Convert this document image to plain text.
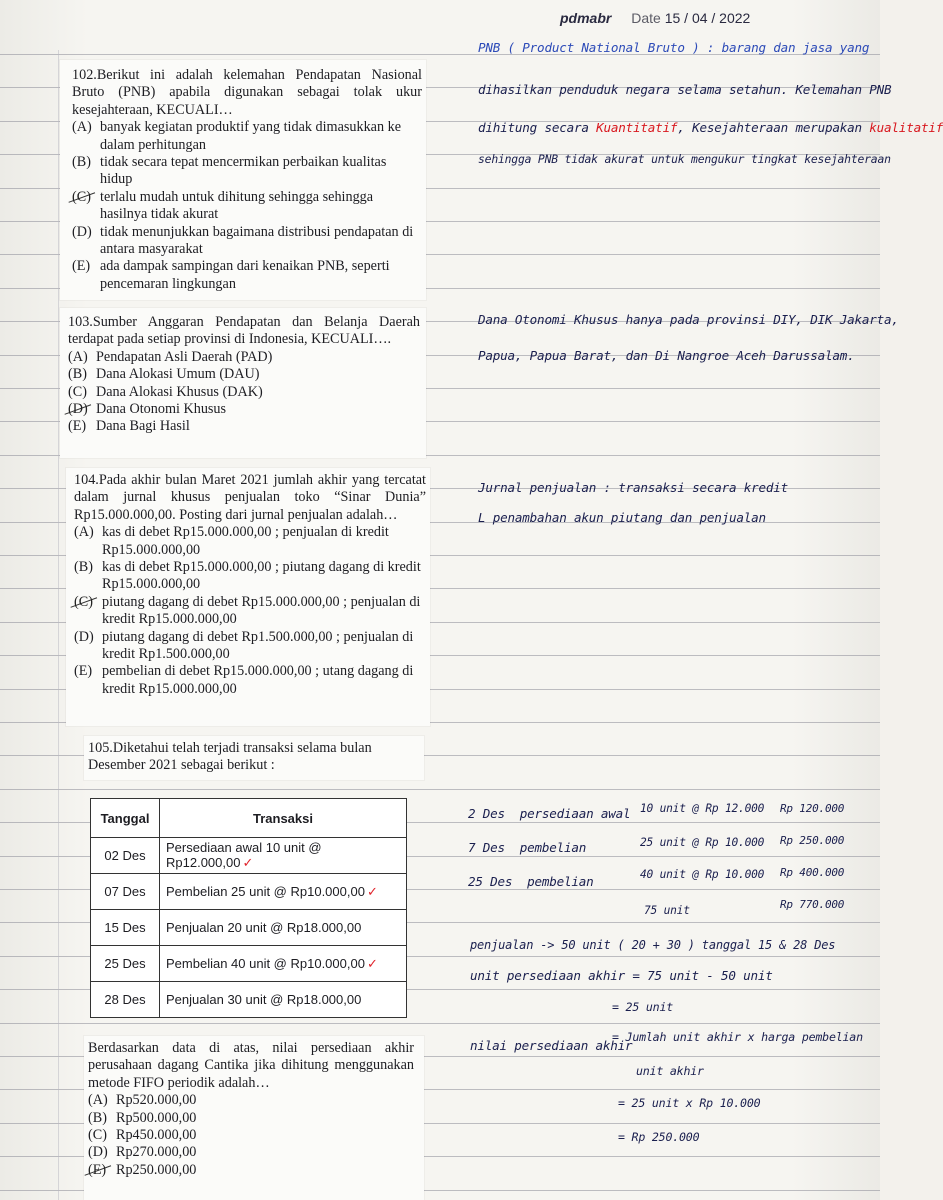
pdmabr Date 15 / 04 / 2022

102.Berikut ini adalah kelemahan Pendapatan Nasional Bruto (PNB) apabila digunakan sebagai tolak ukur kesejahteraan, KECUALI…

(A) banyak kegiatan produktif yang tidak dimasukkan ke dalam perhitungan
(B) tidak secara tepat mencermikan perbaikan kualitas hidup
(C) terlalu mudah untuk dihitung sehingga sehingga hasilnya tidak akurat
(D) tidak menunjukkan bagaimana distribusi pendapatan di antara masyarakat
(E) ada dampak sampingan dari kenaikan PNB, seperti pencemaran lingkungan

103.Sumber Anggaran Pendapatan dan Belanja Daerah terdapat pada setiap provinsi di Indonesia, KECUALI….

(A) Pendapatan Asli Daerah (PAD)
(B) Dana Alokasi Umum (DAU)
(C) Dana Alokasi Khusus (DAK)
(D) Dana Otonomi Khusus
(E) Dana Bagi Hasil

104.Pada akhir bulan Maret 2021 jumlah akhir yang tercatat dalam jurnal khusus penjualan toko “Sinar Dunia” Rp15.000.000,00. Posting dari jurnal penjualan adalah…

(A) kas di debet Rp15.000.000,00 ; penjualan di kredit Rp15.000.000,00
(B) kas di debet Rp15.000.000,00 ; piutang dagang di kredit Rp15.000.000,00
(C) piutang dagang di debet Rp15.000.000,00 ; penjualan di kredit Rp15.000.000,00
(D) piutang dagang di debet Rp1.500.000,00 ; penjualan di kredit Rp1.500.000,00
(E) pembelian di debet Rp15.000.000,00 ; utang dagang di kredit Rp15.000.000,00

105.Diketahui telah terjadi transaksi selama bulan Desember 2021 sebagai berikut :

Tanggal	Transaksi
02 Des	Persediaan awal 10 unit @ Rp12.000,00 ✓
07 Des	Pembelian 25 unit @ Rp10.000,00 ✓
15 Des	Penjualan 20 unit @ Rp18.000,00
25 Des	Pembelian 40 unit @ Rp10.000,00 ✓
28 Des	Penjualan 30 unit @ Rp18.000,00

Berdasarkan data di atas, nilai persediaan akhir perusahaan dagang Cantika jika dihitung menggunakan metode FIFO periodik adalah…

(A) Rp520.000,00
(B) Rp500.000,00
(C) Rp450.000,00
(D) Rp270.000,00
(E) Rp250.000,00
PNB ( Product National Bruto ) : barang dan jasa yang
dihasilkan penduduk negara selama setahun. Kelemahan PNB
dihitung secara Kuantitatif, Kesejahteraan merupakan kualitatif
sehingga PNB tidak akurat untuk mengukur tingkat kesejahteraan
Dana Otonomi Khusus hanya pada provinsi DIY, DIK Jakarta,
Papua, Papua Barat, dan Di Nangroe Aceh Darussalam.
Jurnal penjualan : transaksi secara kredit
L penambahan akun piutang dan penjualan
2 Des persediaan awal 10 unit @ Rp 12.000 Rp 120.000
7 Des pembelian	25 unit @ Rp 10.000 Rp 250.000
25 Des pembelian	40 unit @ Rp 10.000 Rp 400.000
75 unit	Rp 770.000
penjualan -> 50 unit ( 20 + 30 ) tanggal 15 & 28 Des
unit persediaan akhir = 75 unit - 50 unit
= 25 unit
nilai persediaan akhir
= Jumlah unit akhir x harga pembelian
unit akhir
= 25 unit x Rp 10.000
= Rp 250.000
